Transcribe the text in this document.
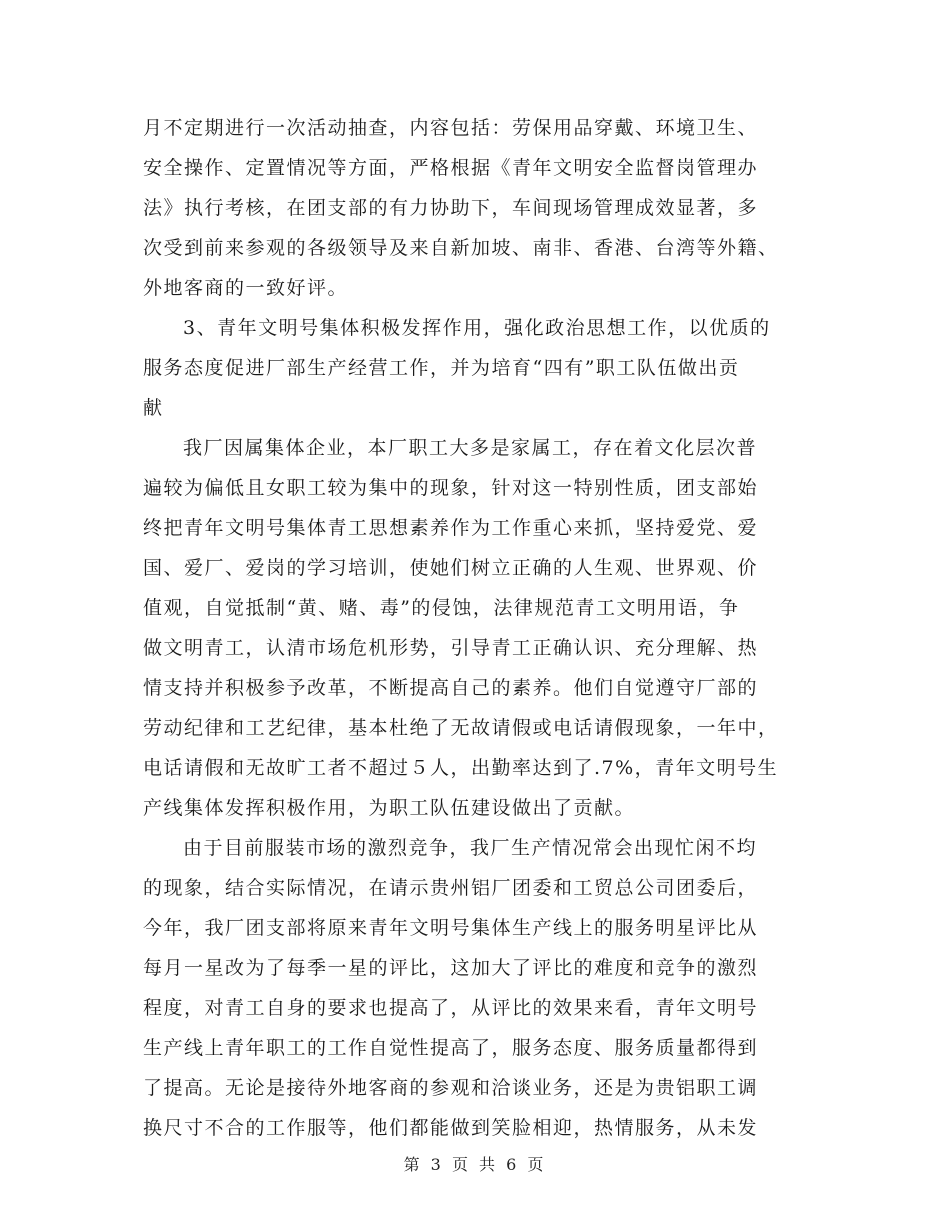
月不定期进行一次活动抽查，内容包括：劳保用品穿戴、环境卫生、
安全操作、定置情况等方面，严格根据《青年文明安全监督岗管理办
法》执行考核，在团支部的有力协助下，车间现场管理成效显著，多
次受到前来参观的各级领导及来自新加坡、南非、香港、台湾等外籍、
外地客商的一致好评。
3、青年文明号集体积极发挥作用，强化政治思想工作，以优质的
服务态度促进厂部生产经营工作，并为培育“四有”职工队伍做出贡
献
我厂因属集体企业，本厂职工大多是家属工，存在着文化层次普
遍较为偏低且女职工较为集中的现象，针对这一特别性质，团支部始
终把青年文明号集体青工思想素养作为工作重心来抓，坚持爱党、爱
国、爱厂、爱岗的学习培训，使她们树立正确的人生观、世界观、价
值观，自觉抵制“黄、赌、毒”的侵蚀，法律规范青工文明用语，争
做文明青工，认清市场危机形势，引导青工正确认识、充分理解、热
情支持并积极参予改革，不断提高自己的素养。他们自觉遵守厂部的
劳动纪律和工艺纪律，基本杜绝了无故请假或电话请假现象，一年中，
电话请假和无故旷工者不超过５人，出勤率达到了.7%，青年文明号生
产线集体发挥积极作用，为职工队伍建设做出了贡献。
由于目前服装市场的激烈竞争，我厂生产情况常会出现忙闲不均
的现象，结合实际情况，在请示贵州铝厂团委和工贸总公司团委后，
今年，我厂团支部将原来青年文明号集体生产线上的服务明星评比从
每月一星改为了每季一星的评比，这加大了评比的难度和竞争的激烈
程度，对青工自身的要求也提高了，从评比的效果来看，青年文明号
生产线上青年职工的工作自觉性提高了，服务态度、服务质量都得到
了提高。无论是接待外地客商的参观和洽谈业务，还是为贵铝职工调
换尺寸不合的工作服等，他们都能做到笑脸相迎，热情服务，从未发
第 3 页 共 6 页
